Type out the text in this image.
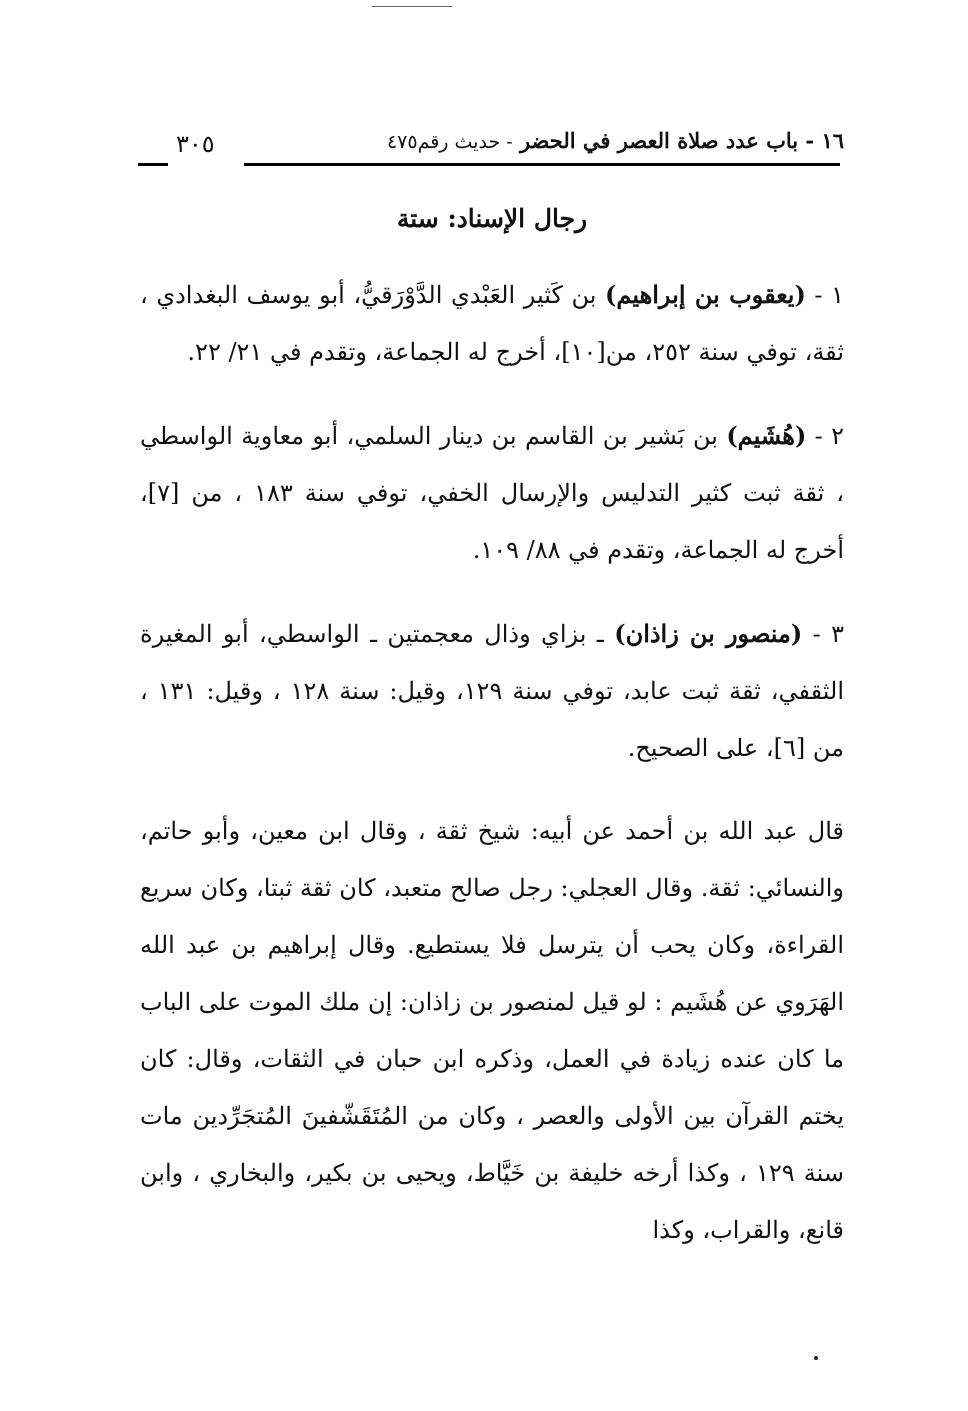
١٦ - باب عدد صلاة العصر في الحضر - حديث رقم٤٧٥
٣٠٥
رجال الإسناد: ستة

١ - (يعقوب بن إبراهيم) بن كَثير العَبْدي الدَّوْرَقيُّ، أبو يوسف البغدادي ، ثقة، توفي سنة ٢٥٢، من[١٠]، أخرج له الجماعة، وتقدم في ٢١/ ٢٢.

٢ - (هُشَيم) بن بَشير بن القاسم بن دينار السلمي، أبو معاوية الواسطي ، ثقة ثبت كثير التدليس والإرسال الخفي، توفي سنة ١٨٣ ، من [٧]، أخرج له الجماعة، وتقدم في ٨٨/ ١٠٩.

٣ - (منصور بن زاذان) ـ بزاي وذال معجمتين ـ الواسطي، أبو المغيرة الثقفي، ثقة ثبت عابد، توفي سنة ١٢٩، وقيل: سنة ١٢٨ ، وقيل: ١٣١ ، من [٦]، على الصحيح.

قال عبد الله بن أحمد عن أبيه: شيخ ثقة ، وقال ابن معين، وأبو حاتم، والنسائي: ثقة. وقال العجلي: رجل صالح متعبد، كان ثقة ثبتا، وكان سريع القراءة، وكان يحب أن يترسل فلا يستطيع. وقال إبراهيم بن عبد الله الهَرَوي عن هُشَيم : لو قيل لمنصور بن زاذان: إن ملك الموت على الباب ما كان عنده زيادة في العمل، وذكره ابن حبان في الثقات، وقال: كان يختم القرآن بين الأولى والعصر ، وكان من المُتَقَشّفينَ المُتجَرِّدين مات سنة ١٢٩ ، وكذا أرخه خليفة بن خَيَّاط، ويحيى بن بكير، والبخاري ، وابن قانع، والقراب، وكذا
